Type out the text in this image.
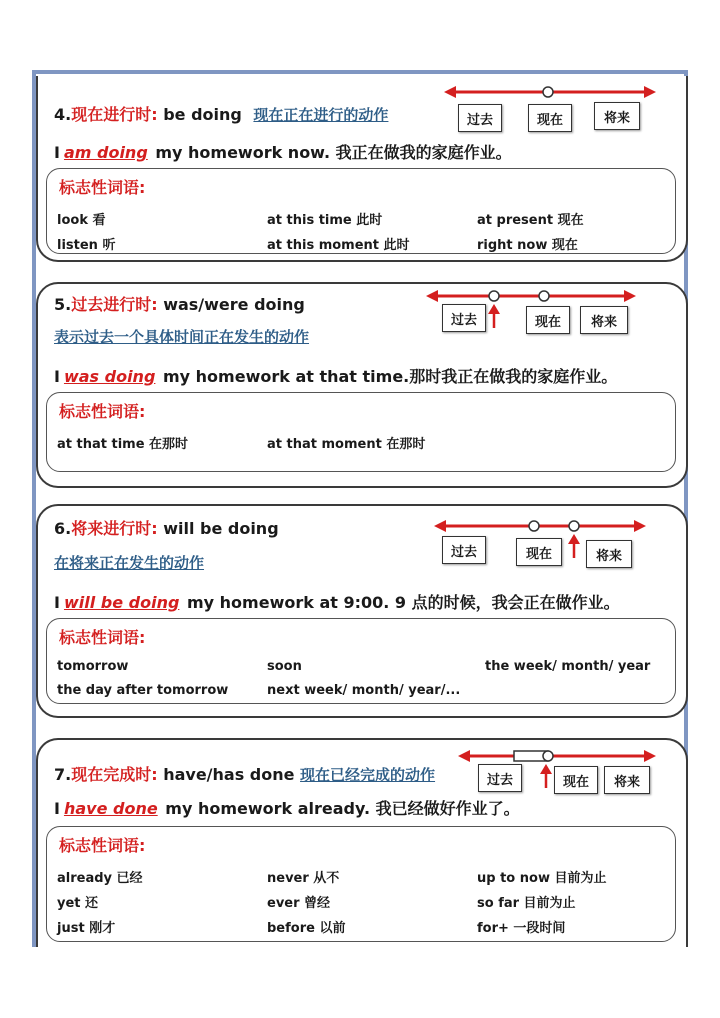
4.现在进行时: be doing 现在正在进行的动作
I am doing my homework now. 我正在做我的家庭作业。
过去	现在	将来
标志性词语:
look 看	at this time 此时	at present 现在
listen 听	at this moment 此时	right now 现在
5.过去进行时: was/were doing
表示过去一个具体时间正在发生的动作
I was doing my homework at that time.那时我正在做我的家庭作业。
过去	现在	将来
标志性词语:
at that time 在那时	at that moment 在那时
6.将来进行时: will be doing
在将来正在发生的动作
I will be doing my homework at 9:00. 9 点的时候，我会正在做作业。
过去	现在	将来
标志性词语:
tomorrow	soon	the week/ month/ year
the day after tomorrow	next week/ month/ year/...
7.现在完成时: have/has done 现在已经完成的动作
I have done my homework already. 我已经做好作业了。
过去	现在	将来
标志性词语:
already 已经	never 从不	up to now 目前为止
yet 还	ever 曾经	so far 目前为止
just 刚才	before 以前	for+ 一段时间
